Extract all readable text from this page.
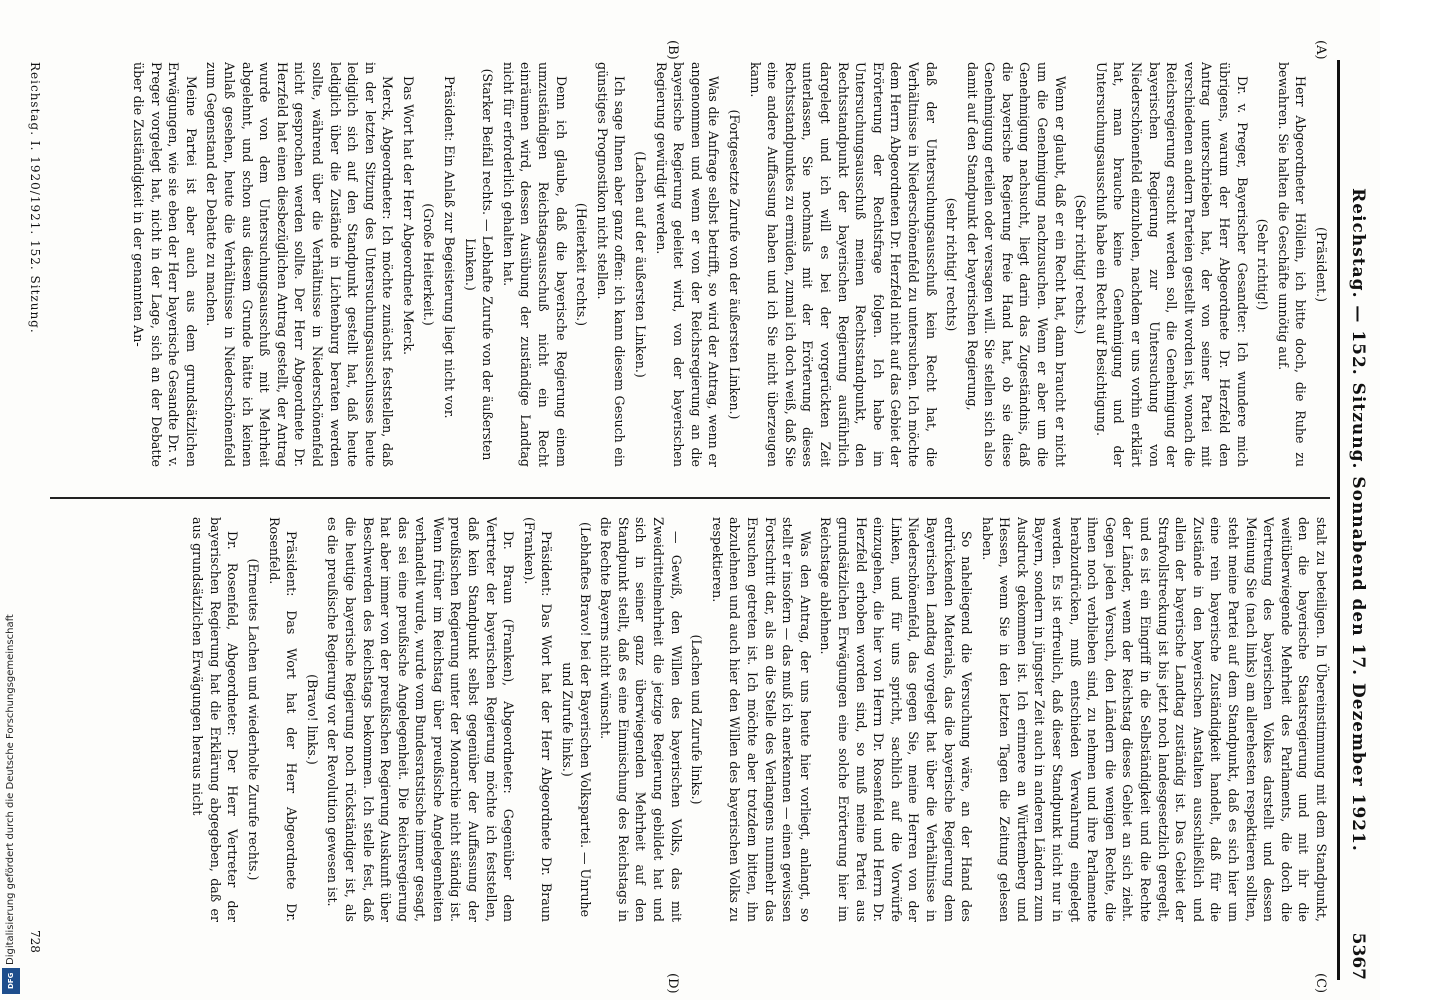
Reichstag. — 152. Sitzung. Sonnabend den 17. Dezember 1921.
5367
(A)
(B)
(C)
(D)

(Präsident.)

Herr Abgeordneter Höllein, ich bitte doch, die Ruhe zu bewahren. Sie halten die Geschäfte unnötig auf.

(Sehr richtig!)

Dr. v. Preger, Bayerischer Gesandter: Ich wundere mich übrigens, warum der Herr Abgeordnete Dr. Herzfeld den Antrag unterschrieben hat, der von seiner Partei mit verschiedenen andern Parteien gestellt worden ist, wonach die Reichsregierung ersucht werden soll, die Genehmigung der bayerischen Regierung zur Untersuchung von Niederschönenfeld einzuholen, nachdem er uns vorhin erklärt hat, man brauche keine Genehmigung und der Untersuchungsausschuß habe ein Recht auf Besichtigung.

(Sehr richtig! rechts.)

Wenn er glaubt, daß er ein Recht hat, dann braucht er nicht um die Genehmigung nachzusuchen. Wenn er aber um die Genehmigung nachsucht, liegt darin das Zugeständnis, daß die bayerische Regierung freie Hand hat, ob sie diese Genehmigung erteilen oder versagen will. Sie stellen sich also damit auf den Standpunkt der bayerischen Regierung,

(sehr richtig! rechts)

daß der Untersuchungsausschuß kein Recht hat, die Verhältnisse in Niederschönenfeld zu untersuchen. Ich möchte dem Herrn Abgeordneten Dr. Herzfeld nicht auf das Gebiet der Erörterung der Rechtsfrage folgen. Ich habe im Untersuchungsausschuß meinen Rechtsstandpunkt, den Rechtsstandpunkt der bayerischen Regierung ausführlich dargelegt und ich will es bei der vorgerückten Zeit unterlassen, Sie nochmals mit der Erörterung dieses Rechtsstandpunktes zu ermüden, zumal ich doch weiß, daß Sie eine andere Auffassung haben und ich Sie nicht überzeugen kann.

(Fortgesetzte Zurufe von der äußersten Linken.)

Was die Anfrage selbst betrifft, so wird der Antrag, wenn er angenommen und wenn er von der Reichsregierung an die bayerische Regierung geleitet wird, von der bayerischen Regierung gewürdigt werden.

(Lachen auf der äußersten Linken.)

Ich sage Ihnen aber ganz offen: ich kann diesem Gesuch ein günstiges Prognostikon nicht stellen.

(Heiterkeit rechts.)

Denn ich glaube, daß die bayerische Regierung einem umzuständigen Reichstagsausschuß nicht ein Recht einräumen wird, dessen Ausübung der zuständige Landtag nicht für erforderlich gehalten hat.

(Starker Beifall rechts. — Lebhafte Zurufe von der äußersten Linken.)

Präsident: Ein Anlaß zur Begeisterung liegt nicht vor.

(Große Heiterkeit.)

Das Wort hat der Herr Abgeordnete Merck.

Merck, Abgeordneter: Ich möchte zunächst feststellen, daß in der letzten Sitzung des Untersuchungsausschusses heute lediglich sich auf den Standpunkt gestellt hat, daß heute lediglich über die Zustände in Lichtenburg beraten werden sollte, während über die Verhältnisse in Niederschönenfeld nicht gesprochen werden sollte. Der Herr Abgeordnete Dr. Herzfeld hat einen diesbezüglichen Antrag gestellt, der Antrag wurde von dem Untersuchungsausschuß mit Mehrheit abgelehnt, und schon aus diesem Grunde hätte ich keinen Anlaß gesehen, heute die Verhältnisse in Niederschönenfeld zum Gegenstand der Debatte zu machen.

Meine Partei ist aber auch aus dem grundsätzlichen Erwägungen, wie sie eben der Herr bayerische Gesandte Dr. v. Preger vorgelegt hat, nicht in der Lage, sich an der Debatte über die Zuständigkeit in der genannten An-

stalt zu beteiligen. In Übereinstimmung mit dem Standpunkt, den die bayerische Staatsregierung und mit ihr die weitüberwiegende Mehrheit des Parlaments, die doch die Vertretung des bayerischen Volkes darstellt und dessen Meinung Sie (nach links) am allerehesten respektieren sollten, steht meine Partei auf dem Standpunkt, daß es sich hier um eine rein bayerische Zuständigkeit handelt, daß für die Zustände in den bayerischen Anstalten ausschließlich und allein der bayerische Landtag zuständig ist. Das Gebiet der Strafvollstreckung ist bis jetzt noch landesgesetzlich geregelt, und es ist ein Eingriff in die Selbständigkeit und die Rechte der Länder, wenn der Reichstag dieses Gebiet an sich zieht. Gegen jeden Versuch, den Ländern die wenigen Rechte, die ihnen noch verblieben sind, zu nehmen und ihre Parlamente herabzudrücken, muß entschieden Verwahrung eingelegt werden. Es ist erfreulich, daß dieser Standpunkt nicht nur in Bayern, sondern in jüngster Zeit auch in anderen Ländern zum Ausdruck gekommen ist. Ich erinnere an Württemberg und Hessen, wenn Sie in den letzten Tagen die Zeitung gelesen haben.

So naheliegend die Versuchung wäre, an der Hand des erdrückenden Materials, das die bayerische Regierung dem Bayerischen Landtag vorgelegt hat über die Verhältnisse in Niederschönenfeld, das gegen Sie, meine Herren von der Linken, und für uns spricht, sachlich auf die Vorwürfe einzugehen, die hier von Herrn Dr. Rosenfeld und Herrn Dr. Herzfeld erhoben worden sind, so muß meine Partei aus grundsätzlichen Erwägungen eine solche Erörterung hier im Reichstage ablehnen.

Was den Antrag, der uns heute hier vorliegt, anlangt, so stellt er insofern — das muß ich anerkennen — einen gewissen Fortschritt dar, als an die Stelle des Verlangens nunmehr das Ersuchen getreten ist. Ich möchte aber trotzdem bitten, ihn abzulehnen und auch hier den Willen des bayerischen Volks zu respektieren.

(Lachen und Zurufe links.)

— Gewiß, den Willen des bayerischen Volks, das mit Zweidrittelmehrheit die jetzige Regierung gebildet hat und sich in seiner ganz überwiegenden Mehrheit auf den Standpunkt stellt, daß es eine Einmischung des Reichstags in die Rechte Bayerns nicht wünscht.

(Lebhaftes Bravo! bei der Bayerischen Volkspartei. — Unruhe und Zurufe links.)

Präsident: Das Wort hat der Herr Abgeordnete Dr. Braun (Franken).

Dr. Braun (Franken), Abgeordneter: Gegenüber dem Vertreter der bayerischen Regierung möchte ich feststellen, daß kein Standpunkt selbst gegenüber der Auffassung der preußischen Regierung unter der Monarchie nicht ständig ist. Wenn früher im Reichstag über preußische Angelegenheiten verhandelt wurde, wurde vom Bundesratstische immer gesagt, das sei eine preußische Angelegenheit. Die Reichsregierung hat aber immer von der preußischen Regierung Auskunft über Beschwerden des Reichstags bekommen. Ich stelle fest, daß die heutige bayerische Regierung noch rückständiger ist, als es die preußische Regierung vor der Revolution gewesen ist.

(Bravo! links.)

Präsident: Das Wort hat der Herr Abgeordnete Dr. Rosenfeld.

(Erneutes Lachen und wiederholte Zurufe rechts.)

Dr. Rosenfeld, Abgeordneter: Der Herr Vertreter der bayerischen Regierung hat die Erklärung abgegeben, daß er aus grundsätzlichen Erwägungen heraus nicht

Reichstag. I. 1920/1921. 152. Sitzung.
728
Digitalisierung gefördert durch die Deutsche Forschungsgemeinschaft
DFG
